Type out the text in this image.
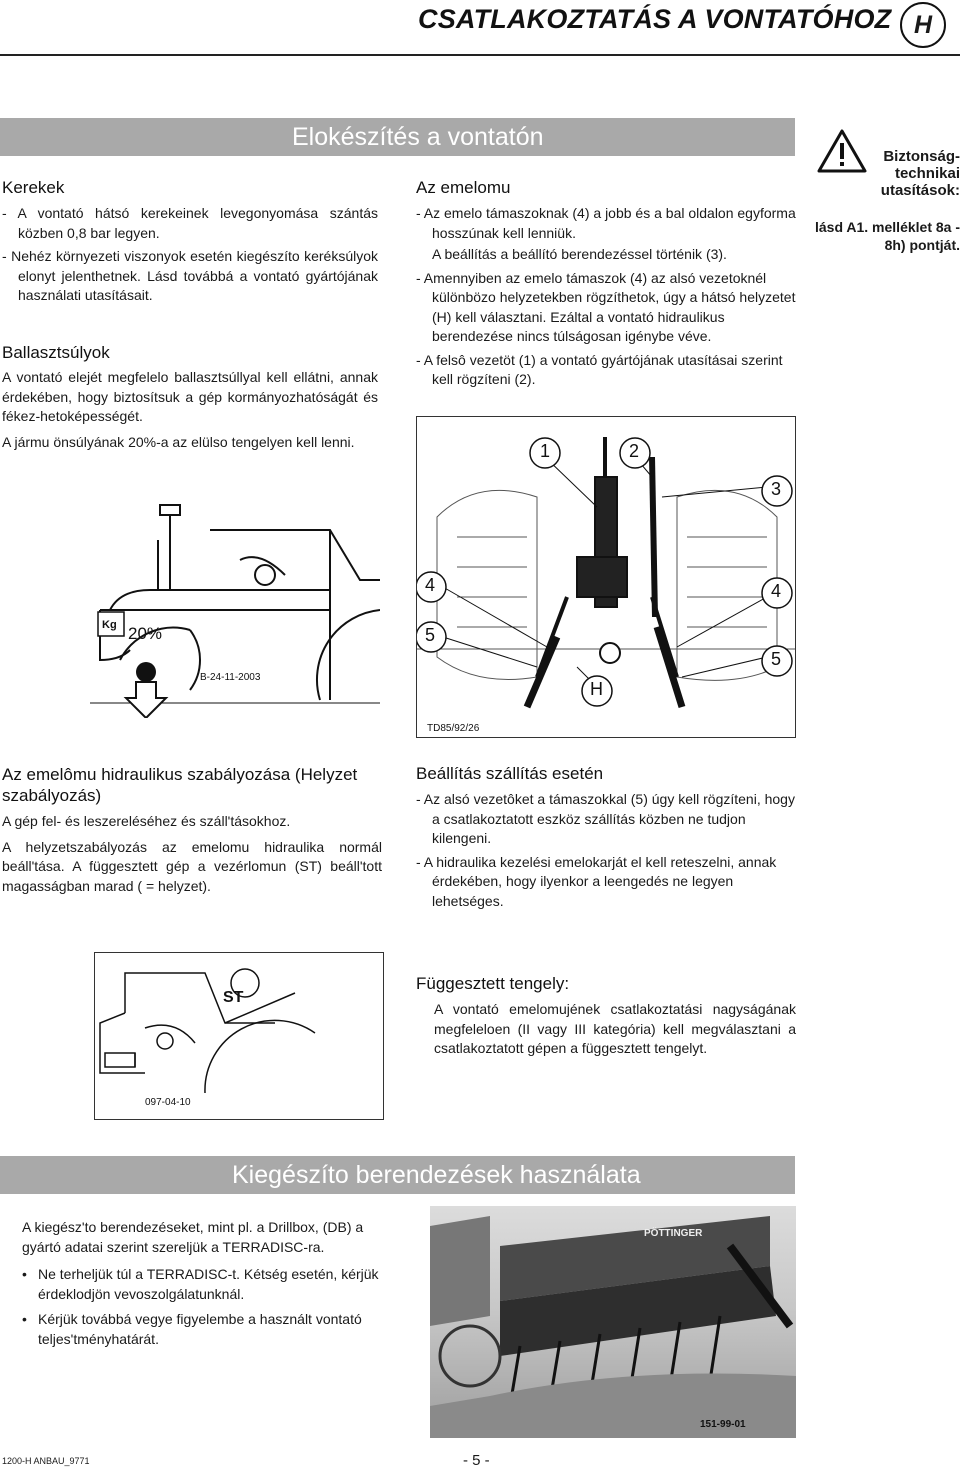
CSATLAKOZTATÁS A VONTATÓHOZ H
Elokészítés a vontatón
Kerekek

- A vontató hátsó kerekeinek levegonyomása szántás közben 0,8 bar legyen.

- Nehéz környezeti viszonyok esetén kiegészíto keréksúlyok elonyt jelenthetnek. Lásd továbbá a vontató gyártójának használati utasításait.

Ballasztsúlyok

A vontató elejét megfelelo ballasztsúllyal kell ellátni, annak érdekében, hogy biztosítsuk a gép kormányozhatóságát és fékez-hetoképességét.

A jármu önsúlyának 20%-a az elülso tengelyen kell lenni.

Kg 20%
B-24-11-2003
Az emelomu

- Az emelo támaszoknak (4) a jobb és a bal oldalon egyforma hosszúnak kell lenniük.

A beállítás a beállító berendezéssel történik (3).

- Amennyiben az emelo támaszok (4) az alsó vezetoknél különbözo helyzetekben rögzíthetok, úgy a hátsó helyzetet (H) kell választani. Ezáltal a vontató hidraulikus berendezése nincs túlságosan igénybe véve.

- A felsô vezetöt (1) a vontató gyártójának utasításai szerint kell rögzíteni (2).

Biztonság-technikai utasítások:
lásd A1. melléklet 8a - 8h) pontját.
1	2
3
4	4
5
5
H
TD85/92/26
Az emelômu hidraulikus szabályozása (Helyzet szabályozás)

A gép fel- és leszereléséhez és száll'tásokhoz.

A helyzetszabályozás az emelomu hidraulika normál beáll'tása. A függesztett gép a vezérlomun (ST) beáll'tott magasságban marad ( = helyzet).

Beállítás szállítás esetén

- Az alsó vezetôket a támaszokkal (5) úgy kell rögzíteni, hogy a csatlakoztatott eszköz szállítás közben ne tudjon kilengeni.

- A hidraulika kezelési emelokarját el kell reteszelni, annak érdekében, hogy ilyenkor a leengedés ne legyen lehetséges.

ST
097-04-10
Függesztett tengely:
A vontató emelomujének csatlakoztatási nagyságának megfeleloen (II vagy III kategória) kell megválasztani a csatlakoztatott gépen a függesztett tengelyt.
Kiegészíto berendezések használata

A kiegész'to berendezéseket, mint pl. a Drillbox, (DB) a gyártó adatai szerint szereljük a TERRADISC-ra.

• Ne terheljük túl a TERRADISC-t. Kétség esetén, kérjük érdeklodjön vevoszolgálatunknál.

• Kérjük továbbá vegye figyelembe a használt vontató teljes'tményhatárát.

PÖTTINGER
151-99-01
1200-H ANBAU_9771	- 5 -
